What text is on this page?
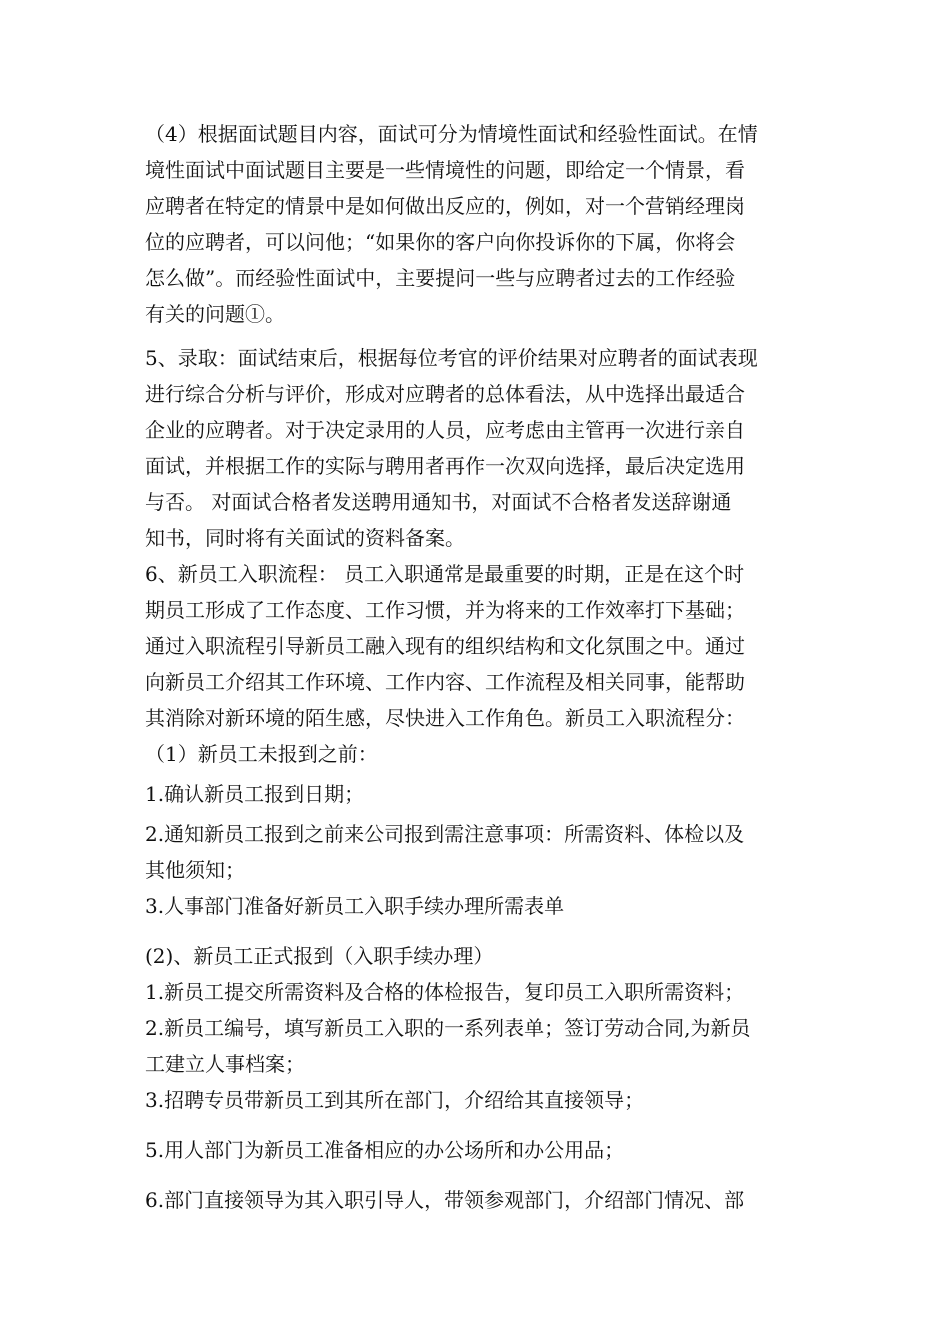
（4）根据面试题目内容，面试可分为情境性面试和经验性面试。在情
境性面试中面试题目主要是一些情境性的问题，即给定一个情景，看
应聘者在特定的情景中是如何做出反应的，例如，对一个营销经理岗
位的应聘者，可以问他；“如果你的客户向你投诉你的下属，你将会
怎么做”。而经验性面试中，主要提问一些与应聘者过去的工作经验
有关的问题①。
5、录取：面试结束后，根据每位考官的评价结果对应聘者的面试表现
进行综合分析与评价，形成对应聘者的总体看法，从中选择出最适合
企业的应聘者。对于决定录用的人员，应考虑由主管再一次进行亲自
面试，并根据工作的实际与聘用者再作一次双向选择，最后决定选用
与否。 对面试合格者发送聘用通知书，对面试不合格者发送辞谢通
知书，同时将有关面试的资料备案。
6、新员工入职流程： 员工入职通常是最重要的时期，正是在这个时
期员工形成了工作态度、工作习惯，并为将来的工作效率打下基础；
通过入职流程引导新员工融入现有的组织结构和文化氛围之中。通过
向新员工介绍其工作环境、工作内容、工作流程及相关同事，能帮助
其消除对新环境的陌生感，尽快进入工作角色。新员工入职流程分：
（1）新员工未报到之前：
1.确认新员工报到日期；
2.通知新员工报到之前来公司报到需注意事项：所需资料、体检以及
其他须知；
3.人事部门准备好新员工入职手续办理所需表单
(2)、新员工正式报到（入职手续办理）
1.新员工提交所需资料及合格的体检报告，复印员工入职所需资料；
2.新员工编号，填写新员工入职的一系列表单；签订劳动合同,为新员
工建立人事档案；
3.招聘专员带新员工到其所在部门，介绍给其直接领导；
5.用人部门为新员工准备相应的办公场所和办公用品；
6.部门直接领导为其入职引导人，带领参观部门，介绍部门情况、部
